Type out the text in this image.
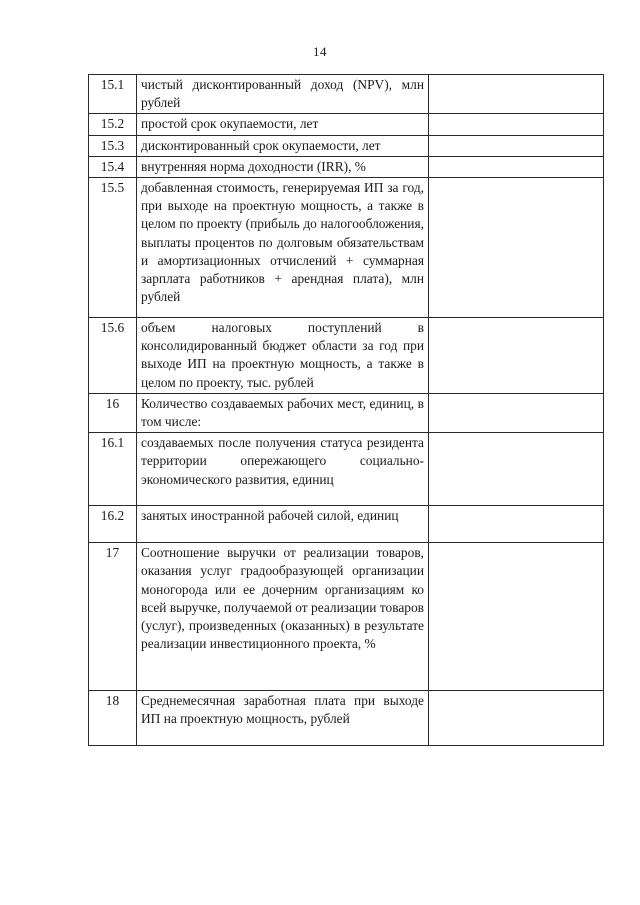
14
15.1	чистый дисконтированный доход (NPV), млн рублей	
15.2	простой срок окупаемости, лет	
15.3	дисконтированный срок окупаемости, лет	
15.4	внутренняя норма доходности (IRR), %	
15.5	добавленная стоимость, генерируемая ИП за год, при выходе на проектную мощность, а также в целом по проекту (прибыль до налогообложения, выплаты процентов по долговым обязательствам и амортизационных отчислений + суммарная зарплата работников + арендная плата), млн рублей	
15.6	объем налоговых поступлений в консолидированный бюджет области за год при выходе ИП на проектную мощность, а также в целом по проекту, тыс. рублей	
16	Количество создаваемых рабочих мест, единиц, в том числе:	
16.1	создаваемых после получения статуса резидента территории опережающего социально-экономического развития, единиц	
16.2	занятых иностранной рабочей силой, единиц	
17	Соотношение выручки от реализации товаров, оказания услуг градообразующей организации моногорода или ее дочерним организациям ко всей выручке, получаемой от реализации товаров (услуг), произведенных (оказанных) в результате реализации инвестиционного проекта, %	
18	Среднемесячная заработная плата при выходе ИП на проектную мощность, рублей	
